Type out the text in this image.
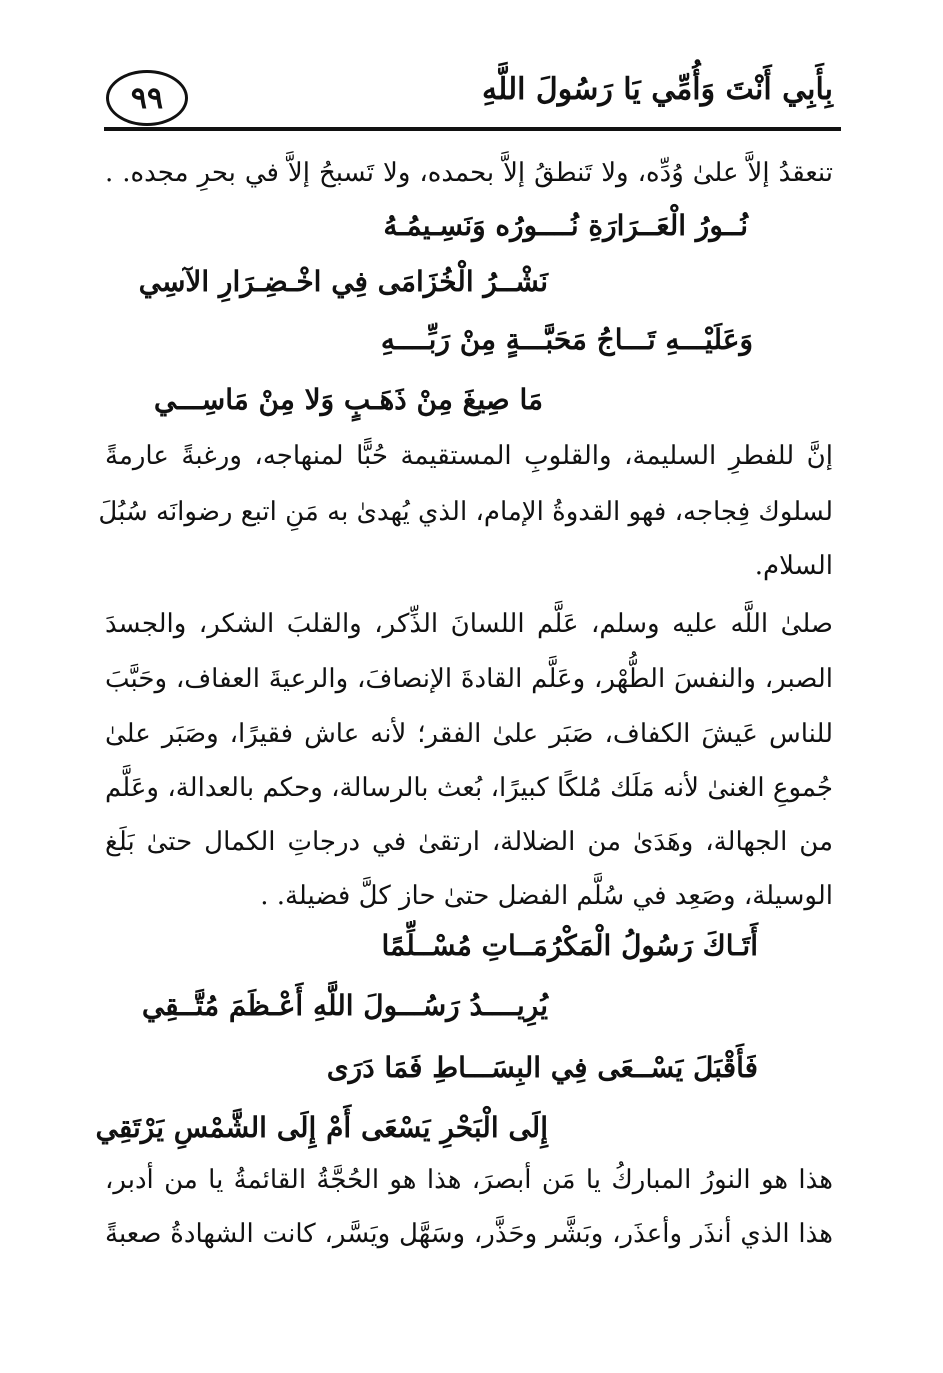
بِأَبِي أَنْتَ وَأُمِّي يَا رَسُولَ اللَّهِ
٩٩
تنعقدُ إلاَّ علىٰ وُدِّه، ولا تَنطقُ إلاَّ بحمده، ولا تَسبحُ إلاَّ في بحرِ مجده. .
نُــورُ الْعَــرَارَةِ نُــــورُه وَنَسِـيمُـهُ
نَشْــرُ الْخُزَامَى فِي اخْـضِـرَارِ الآسِي
وَعَلَيْـــهِ تَـــاجُ مَحَبَّـــةٍ مِنْ رَبِّــــهِ
مَا صِيغَ مِنْ ذَهَـبٍ وَلا مِنْ مَاسِـــي
إنَّ للفطرِ السليمة، والقلوبِ المستقيمة حُبًّا لمنهاجه، ورغبةً عارمةً
لسلوك فِجاجه، فهو القدوةُ الإمام، الذي يُهدىٰ به مَنِ اتبع رضوانَه سُبُلَ
السلام.
صلىٰ اللَّه عليه وسلم، عَلَّم اللسانَ الذِّكر، والقلبَ الشكر، والجسدَ
الصبر، والنفسَ الطُّهْر، وعَلَّم القادةَ الإنصافَ، والرعيةَ العفاف، وحَبَّبَ
للناس عَيشَ الكفاف، صَبَر علىٰ الفقر؛ لأنه عاش فقيرًا، وصَبَر علىٰ
جُموعِ الغنىٰ لأنه مَلَك مُلكًا كبيرًا، بُعث بالرسالة، وحكم بالعدالة، وعَلَّم
من الجهالة، وهَدَىٰ من الضلالة، ارتقىٰ في درجاتِ الكمال حتىٰ بَلَغ
الوسيلة، وصَعِد في سُلَّم الفضل حتىٰ حاز كلَّ فضيلة. .
أَتَـاكَ رَسُولُ الْمَكْرُمَــاتِ مُسْــلِّمًا
يُرِيــــدُ رَسُـــولَ اللَّهِ أَعْـظَمَ مُتَّــقِي
فَأَقْبَلَ يَسْــعَى فِي البِسَـــاطِ فَمَا دَرَى
إِلَى الْبَحْرِ يَسْعَى أَمْ إِلَى الشَّمْسِ يَرْتَقِي
هذا هو النورُ المباركُ يا مَن أبصرَ، هذا هو الحُجَّةُ القائمةُ يا من أدبر،
هذا الذي أنذَر وأعذَر، وبَشَّر وحَذَّر، وسَهَّل ويَسَّر، كانت الشهادةُ صعبةً
